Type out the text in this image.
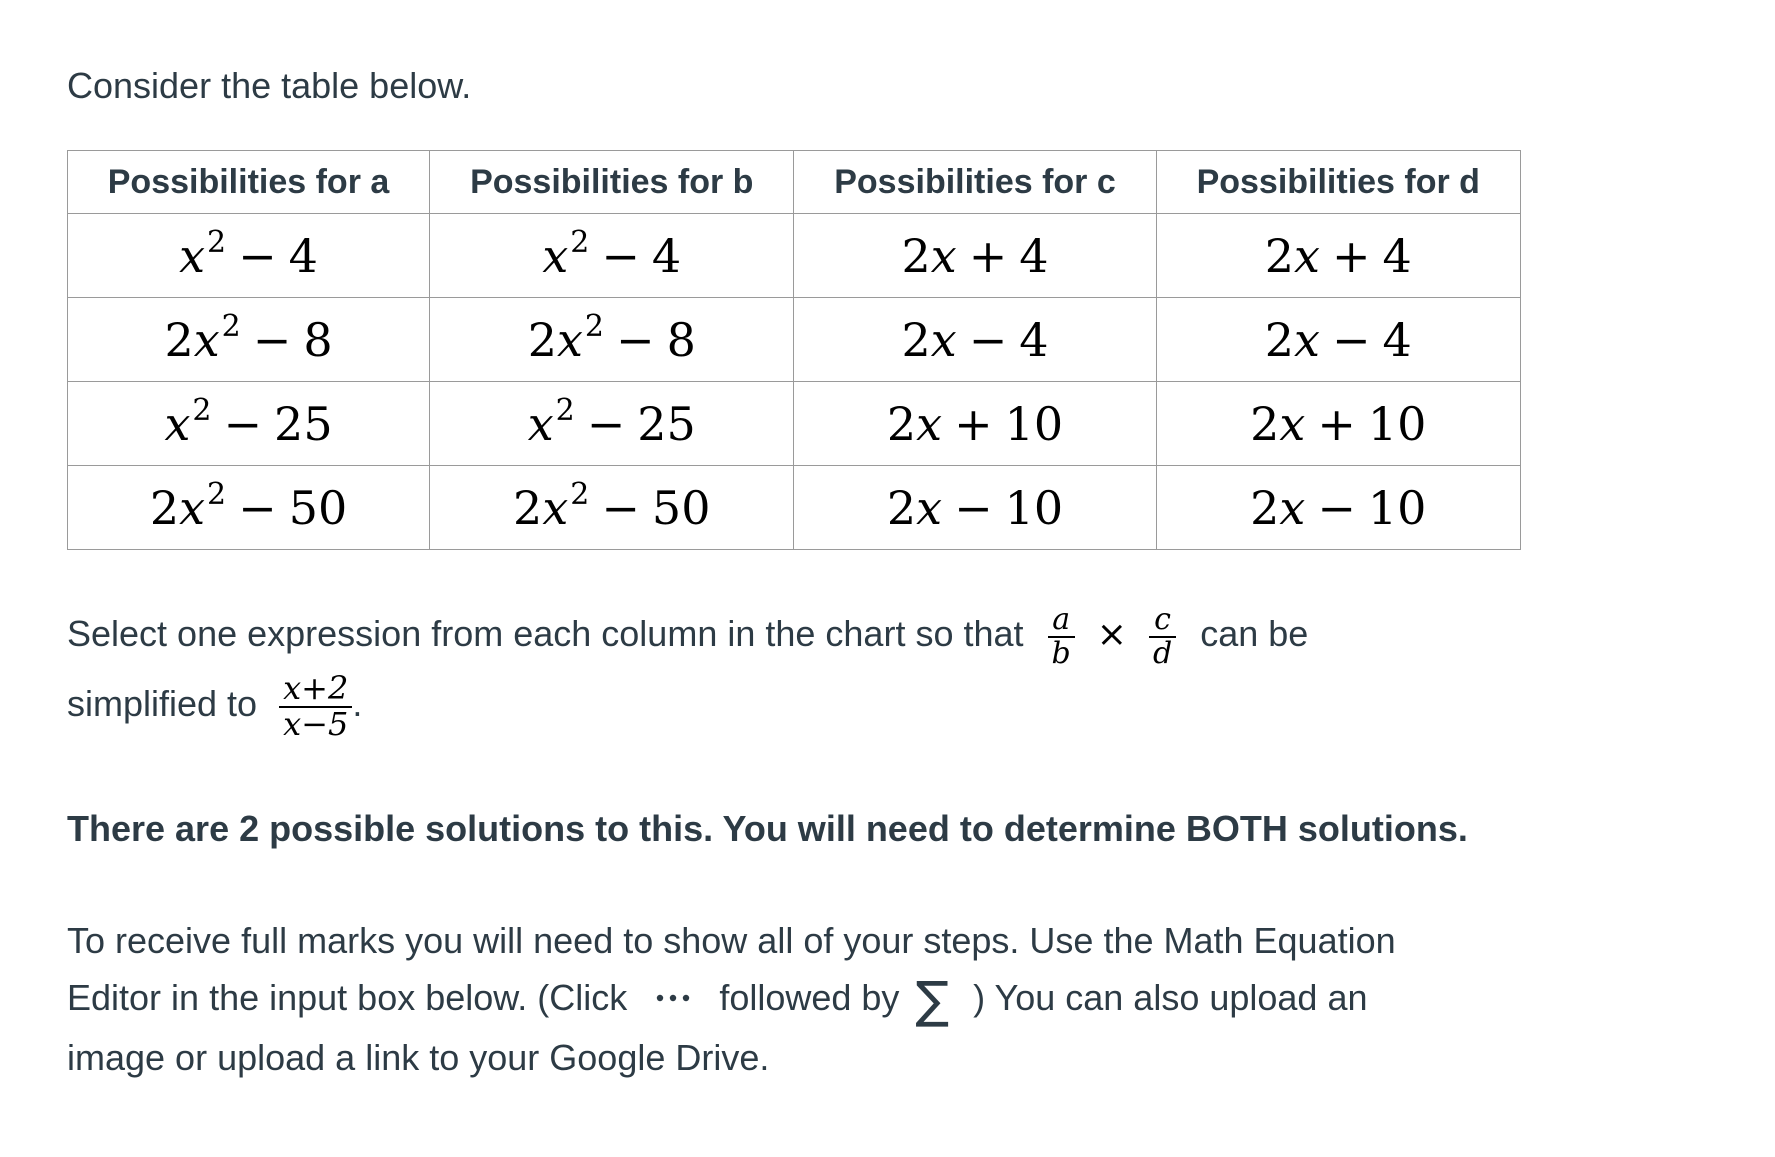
Consider the table below.
Possibilities for a	Possibilities for b	Possibilities for c	Possibilities for d
$x^2 - 4$	$x^2 - 4$	2x + 4	2x + 4
$2x^2 - 8$	$2x^2 - 8$	2x − 4	2x − 4
$x^2 - 25$	$x^2 - 25$	2x + 10	2x + 10
$2x^2 - 50$	$2x^2 - 50$	2x − 10	2x − 10
Select one expression from each column in the chart so that $\frac{a}{b} \times \frac{c}{d}$ can be
simplified to $\frac{x+2}{x-5}$ .
There are 2 possible solutions to this. You will need to determine BOTH solutions.
To receive full marks you will need to show all of your steps. Use the Math Equation
Editor in the input box below. (Click	followed by ∑ ) You can also upload an
image or upload a link to your Google Drive.
